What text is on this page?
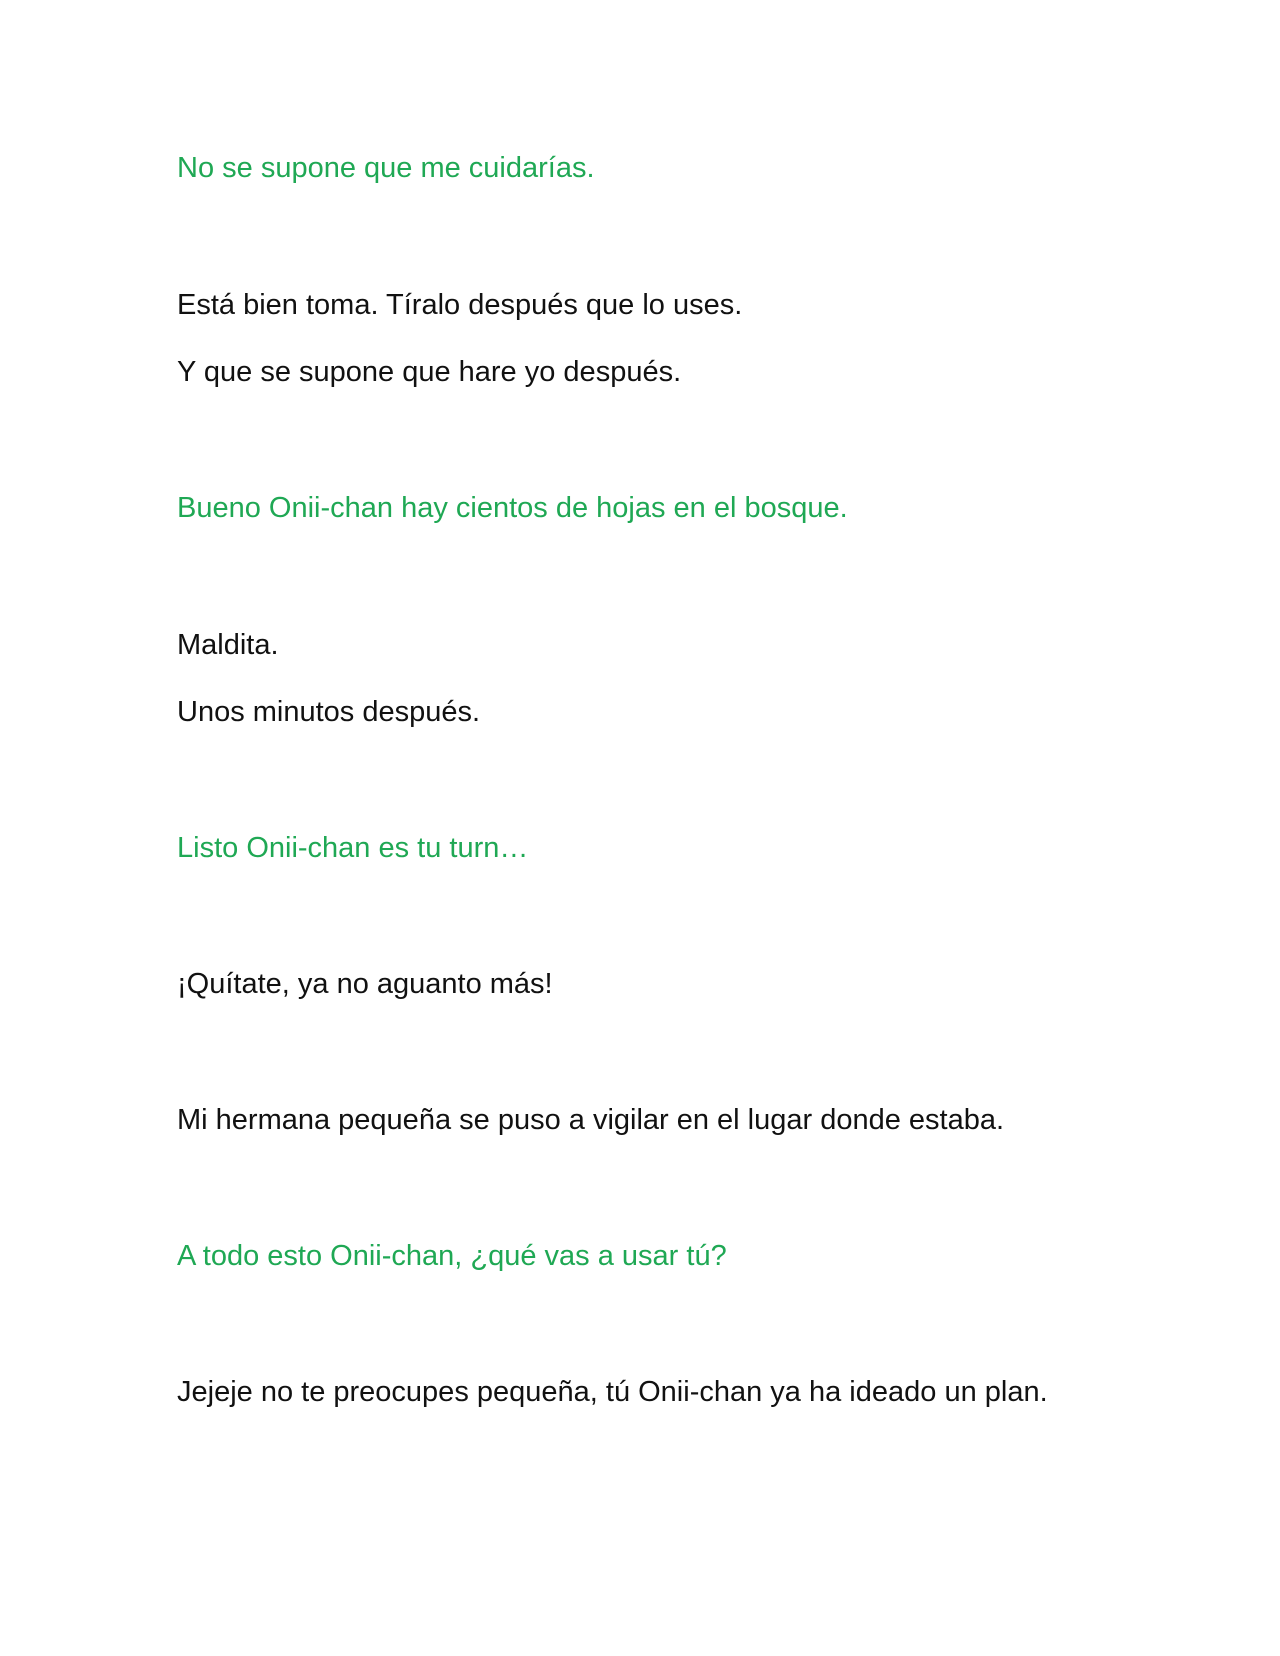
No se supone que me cuidarías.

Está bien toma. Tíralo después que lo uses.

Y que se supone que hare yo después.

Bueno Onii-chan hay cientos de hojas en el bosque.

Maldita.

Unos minutos después.

Listo Onii-chan es tu turn…

¡Quítate, ya no aguanto más!

Mi hermana pequeña se puso a vigilar en el lugar donde estaba.

A todo esto Onii-chan, ¿qué vas a usar tú?

Jejeje no te preocupes pequeña, tú Onii-chan ya ha ideado un plan.
